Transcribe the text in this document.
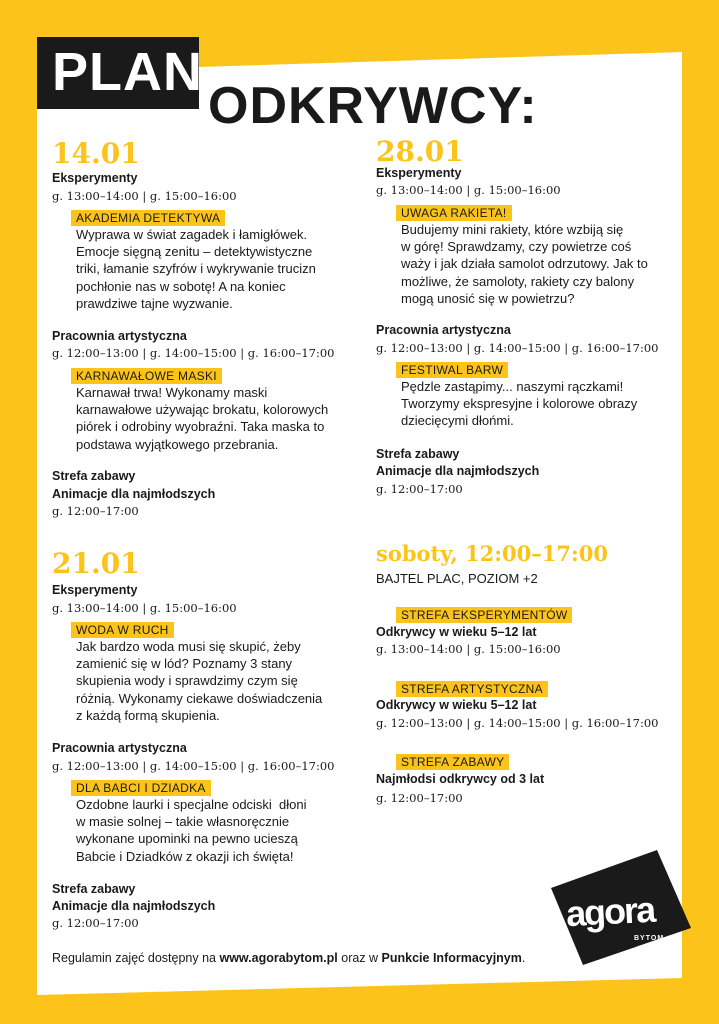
PLAN
ODKRYWCY:
14.01
Eksperymenty
g. 13:00–14:00 | g. 15:00–16:00
AKADEMIA DETEKTYWA
Wyprawa w świat zagadek i łamigłówek.
Emocje sięgną zenitu – detektywistyczne
triki, łamanie szyfrów i wykrywanie trucizn
pochłonie nas w sobotę! A na koniec
prawdziwe tajne wyzwanie.
Pracownia artystyczna
g. 12:00–13:00 | g. 14:00–15:00 | g. 16:00–17:00
KARNAWAŁOWE MASKI
Karnawał trwa! Wykonamy maski
karnawałowe używając brokatu, kolorowych
piórek i odrobiny wyobraźni. Taka maska to
podstawa wyjątkowego przebrania.
Strefa zabawy
Animacje dla najmłodszych
g. 12:00–17:00
21.01
Eksperymenty
g. 13:00–14:00 | g. 15:00–16:00
WODA W RUCH
Jak bardzo woda musi się skupić, żeby
zamienić się w lód? Poznamy 3 stany
skupienia wody i sprawdzimy czym się
różnią. Wykonamy ciekawe doświadczenia
z każdą formą skupienia.
Pracownia artystyczna
g. 12:00–13:00 | g. 14:00–15:00 | g. 16:00–17:00
DLA BABCI I DZIADKA
Ozdobne laurki i specjalne odciski  dłoni
w masie solnej – takie własnoręcznie
wykonane upominki na pewno ucieszą
Babcie i Dziadków z okazji ich święta!
Strefa zabawy
Animacje dla najmłodszych
g. 12:00–17:00
28.01
Eksperymenty
g. 13:00–14:00 | g. 15:00–16:00
UWAGA RAKIETA!
Budujemy mini rakiety, które wzbiją się
w górę! Sprawdzamy, czy powietrze coś
waży i jak działa samolot odrzutowy. Jak to
możliwe, że samoloty, rakiety czy balony
mogą unosić się w powietrzu?
Pracownia artystyczna
g. 12:00–13:00 | g. 14:00–15:00 | g. 16:00–17:00
FESTIWAL BARW
Pędzle zastąpimy... naszymi rączkami!
Tworzymy ekspresyjne i kolorowe obrazy
dziecięcymi dłońmi.
Strefa zabawy
Animacje dla najmłodszych
g. 12:00–17:00
soboty, 12:00–17:00
BAJTEL PLAC, POZIOM +2
STREFA EKSPERYMENTÓW
Odkrywcy w wieku 5–12 lat
g. 13:00–14:00 | g. 15:00–16:00
STREFA ARTYSTYCZNA
Odkrywcy w wieku 5–12 lat
g. 12:00–13:00 | g. 14:00–15:00 | g. 16:00–17:00
STREFA ZABAWY
Najmłodsi odkrywcy od 3 lat
g. 12:00–17:00
agora
BYTOM
Regulamin zajęć dostępny na www.agorabytom.pl oraz w Punkcie Informacyjnym.
